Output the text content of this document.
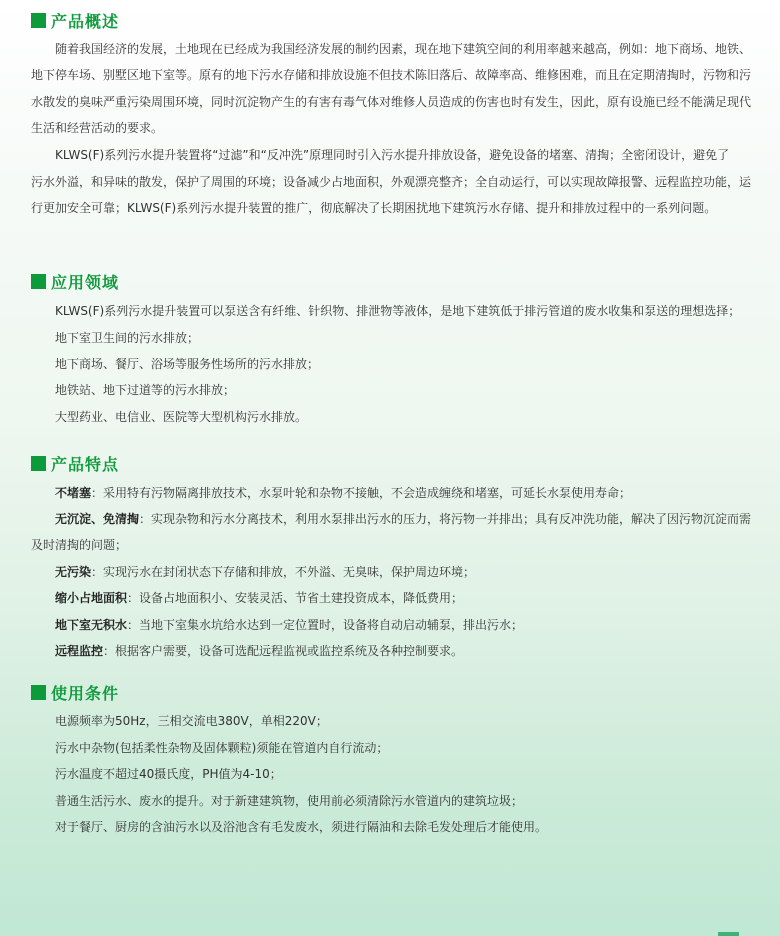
产品概述
随着我国经济的发展，土地现在已经成为我国经济发展的制约因素，现在地下建筑空间的利用率越来越高，例如：地下商场、地铁、
地下停车场、别墅区地下室等。原有的地下污水存储和排放设施不但技术陈旧落后、故障率高、维修困难，而且在定期清掏时，污物和污
水散发的臭味严重污染周围环境，同时沉淀物产生的有害有毒气体对维修人员造成的伤害也时有发生，因此，原有设施已经不能满足现代
生活和经营活动的要求。
KLWS(F)系列污水提升装置将“过滤”和“反冲洗”原理同时引入污水提升排放设备，避免设备的堵塞、清掏；全密闭设计，避免了
污水外溢，和异味的散发，保护了周围的环境；设备减少占地面积，外观漂亮整齐；全自动运行，可以实现故障报警、远程监控功能，运
行更加安全可靠；KLWS(F)系列污水提升装置的推广，彻底解决了长期困扰地下建筑污水存储、提升和排放过程中的一系列问题。
应用领域
KLWS(F)系列污水提升装置可以泵送含有纤维、针织物、排泄物等液体，是地下建筑低于排污管道的废水收集和泵送的理想选择；
地下室卫生间的污水排放；
地下商场、餐厅、浴场等服务性场所的污水排放；
地铁站、地下过道等的污水排放；
大型药业、电信业、医院等大型机构污水排放。
产品特点
不堵塞：采用特有污物隔离排放技术，水泵叶轮和杂物不接触，不会造成缠绕和堵塞，可延长水泵使用寿命；
无沉淀、免清掏：实现杂物和污水分离技术，利用水泵排出污水的压力，将污物一并排出；具有反冲洗功能，解决了因污物沉淀而需
及时清掏的问题；
无污染：实现污水在封闭状态下存储和排放，不外溢、无臭味，保护周边环境；
缩小占地面积：设备占地面积小、安装灵活、节省土建投资成本，降低费用；
地下室无积水：当地下室集水坑给水达到一定位置时，设备将自动启动辅泵，排出污水；
远程监控：根据客户需要，设备可选配远程监视或监控系统及各种控制要求。
使用条件
电源频率为50Hz，三相交流电380V，单相220V；
污水中杂物(包括柔性杂物及固体颗粒)须能在管道内自行流动；
污水温度不超过40摄氏度，PH值为4-10；
普通生活污水、废水的提升。对于新建建筑物，使用前必须清除污水管道内的建筑垃圾；
对于餐厅、厨房的含油污水以及浴池含有毛发废水，须进行隔油和去除毛发处理后才能使用。
